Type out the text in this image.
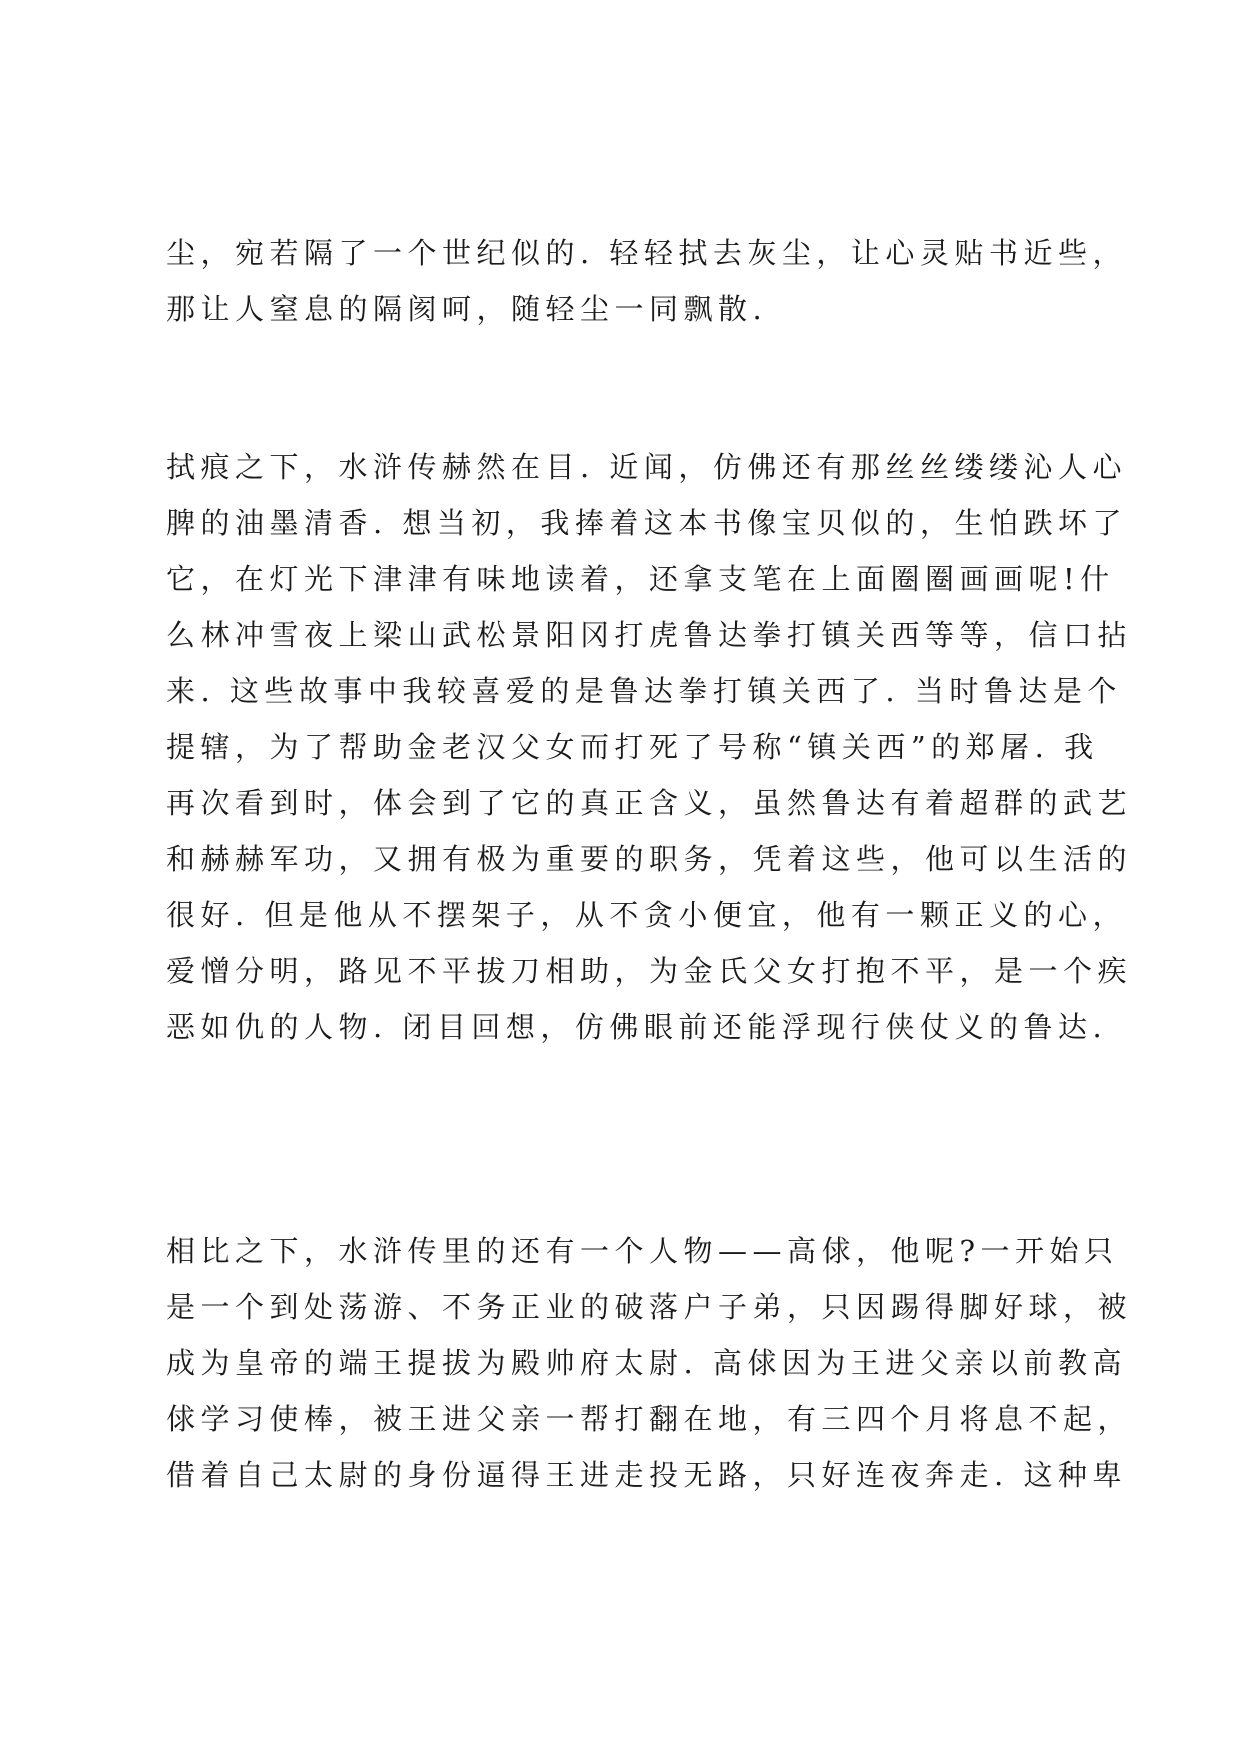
尘，宛若隔了一个世纪似的. 轻轻拭去灰尘，让心灵贴书近些，
那让人窒息的隔阂呵，随轻尘一同飘散.
拭痕之下，水浒传赫然在目. 近闻，仿佛还有那丝丝缕缕沁人心
脾的油墨清香. 想当初，我捧着这本书像宝贝似的，生怕跌坏了
它，在灯光下津津有味地读着，还拿支笔在上面圈圈画画呢!什
么林冲雪夜上梁山武松景阳冈打虎鲁达拳打镇关西等等，信口拈
来. 这些故事中我较喜爱的是鲁达拳打镇关西了. 当时鲁达是个
提辖，为了帮助金老汉父女而打死了号称“镇关西”的郑屠. 我
再次看到时，体会到了它的真正含义，虽然鲁达有着超群的武艺
和赫赫军功，又拥有极为重要的职务，凭着这些，他可以生活的
很好. 但是他从不摆架子，从不贪小便宜，他有一颗正义的心，
爱憎分明，路见不平拔刀相助，为金氏父女打抱不平，是一个疾
恶如仇的人物. 闭目回想，仿佛眼前还能浮现行侠仗义的鲁达.
相比之下，水浒传里的还有一个人物——高俅，他呢?一开始只
是一个到处荡游、不务正业的破落户子弟，只因踢得脚好球，被
成为皇帝的端王提拔为殿帅府太尉. 高俅因为王进父亲以前教高
俅学习使棒，被王进父亲一帮打翻在地，有三四个月将息不起，
借着自己太尉的身份逼得王进走投无路，只好连夜奔走. 这种卑
